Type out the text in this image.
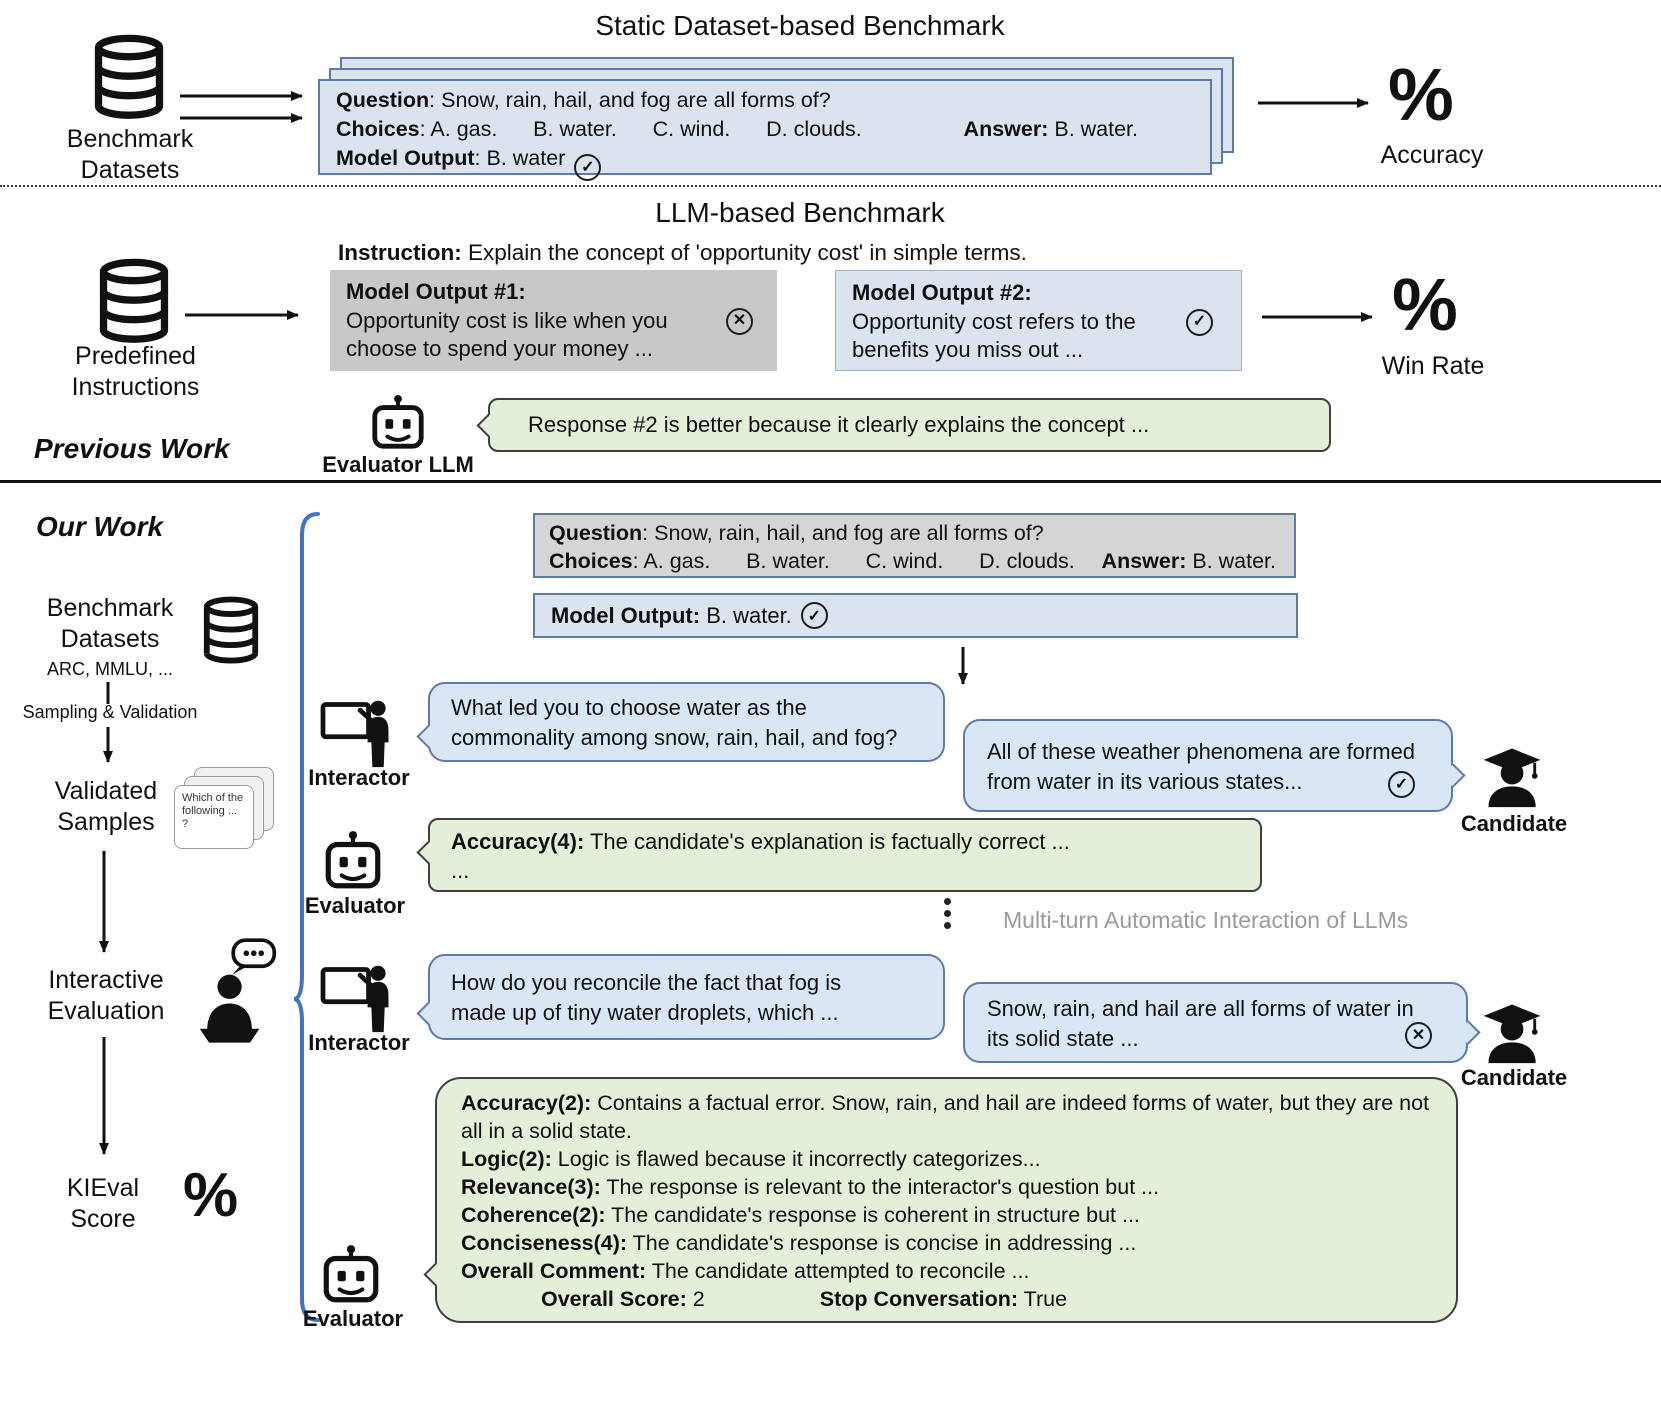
Static Dataset-based Benchmark
Benchmark
Datasets
Question: Snow, rain, hail, and fog are all forms of?
Choices: A. gas.      B. water.      C. wind.      D. clouds.	Answer: B. water.
Model Output: B. water ✓
%
Accuracy
LLM-based Benchmark
Instruction: Explain the concept of 'opportunity cost' in simple terms.
Predefined
Instructions
Model Output #1:
Opportunity cost is like when you
choose to spend your money ...
✕
Model Output #2:
Opportunity cost refers to the
benefits you miss out ...
✓	%
Win Rate
Evaluator LLM
Response #2 is better because it clearly explains the concept ...
Previous Work
Our Work
Benchmark
Datasets
ARC, MMLU, ...
Sampling & Validation
Validated
Samples
Which of the following ... ?
Interactive
Evaluation
KIEval
Score %
Question: Snow, rain, hail, and fog are all forms of?
Choices: A. gas.      B. water.      C. wind.      D. clouds. Answer: B. water.
Model Output: B. water. ✓
Interactor
What led you to choose water as the
commonality among snow, rain, hail, and fog?
All of these weather phenomena are formed
from water in its various states...	✓
Candidate
Evaluator
Accuracy(4): The candidate's explanation is factually correct ...
...
Multi-turn Automatic Interaction of LLMs
Interactor
How do you reconcile the fact that fog is
made up of tiny water droplets, which ...	Snow, rain, and hail are all forms of water in
its solid state ...	✕
Candidate
Accuracy(2): Contains a factual error. Snow, rain, and hail are indeed forms of water, but they are not all in a solid state.
Logic(2): Logic is flawed because it incorrectly categorizes...
Relevance(3): The response is relevant to the interactor's question but ...
Coherence(2): The candidate's response is coherent in structure but ...
Conciseness(4): The candidate's response is concise in addressing ...
Overall Comment: The candidate attempted to reconcile ...
Overall Score: 2	Stop Conversation: True
Evaluator
